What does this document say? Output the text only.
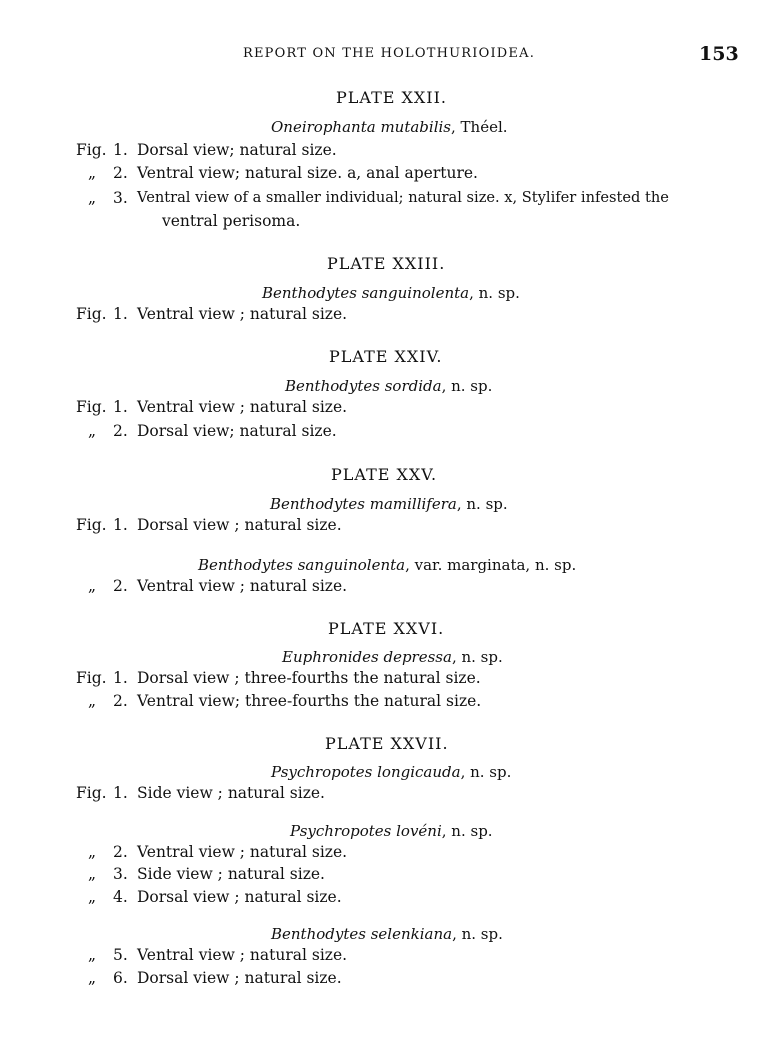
REPORT ON THE HOLOTHURIOIDEA.	153
PLATE XXII.
Oneirophanta mutabilis, Théel.
Fig. 1. Dorsal view; natural size.
„ 2. Ventral view; natural size. a, anal aperture.
„ 3. Ventral view of a smaller individual; natural size. x, Stylifer infested the
ventral perisoma.
PLATE XXIII.
Benthodytes sanguinolenta, n. sp.
Fig. 1. Ventral view ; natural size.
PLATE XXIV.
Benthodytes sordida, n. sp.
Fig. 1. Ventral view ; natural size.
„ 2. Dorsal view; natural size.
PLATE XXV.
Benthodytes mamillifera, n. sp.
Fig. 1. Dorsal view ; natural size.
Benthodytes sanguinolenta, var. marginata, n. sp.
„ 2. Ventral view ; natural size.
PLATE XXVI.
Euphronides depressa, n. sp.
Fig. 1. Dorsal view ; three-fourths the natural size.
„ 2. Ventral view; three-fourths the natural size.
PLATE XXVII.
Psychropotes longicauda, n. sp.
Fig. 1. Side view ; natural size.
Psychropotes lovéni, n. sp.
„ 2. Ventral view ; natural size.
„ 3. Side view ; natural size.
„ 4. Dorsal view ; natural size.
Benthodytes selenkiana, n. sp.
„ 5. Ventral view ; natural size.
„ 6. Dorsal view ; natural size.
